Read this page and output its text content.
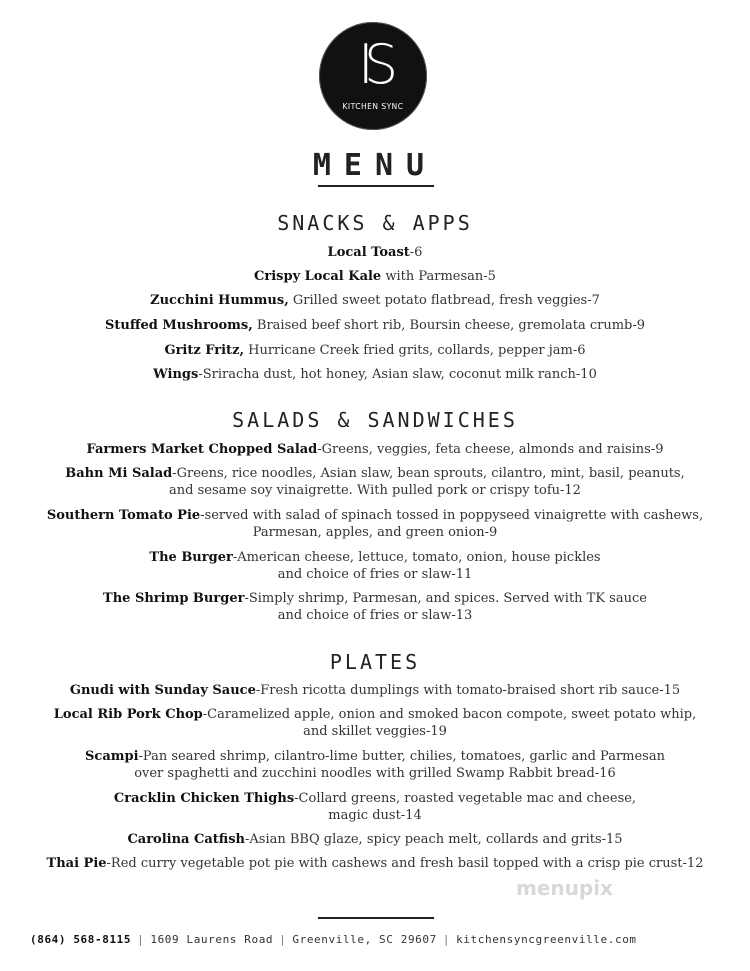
IS
KITCHEN SYNC
MENU
SNACKS & APPS
Local Toast-6
Crispy Local Kale with Parmesan-5
Zucchini Hummus, Grilled sweet potato flatbread, fresh veggies-7
Stuffed Mushrooms, Braised beef short rib, Boursin cheese, gremolata crumb-9
Gritz Fritz, Hurricane Creek fried grits, collards, pepper jam-6
Wings-Sriracha dust, hot honey, Asian slaw, coconut milk ranch-10
SALADS & SANDWICHES
Farmers Market Chopped Salad-Greens, veggies, feta cheese, almonds and raisins-9
Bahn Mi Salad-Greens, rice noodles, Asian slaw, bean sprouts, cilantro, mint, basil, peanuts,
and sesame soy vinaigrette. With pulled pork or crispy tofu-12
Southern Tomato Pie-served with salad of spinach tossed in poppyseed vinaigrette with cashews,
Parmesan, apples, and green onion-9
The Burger-American cheese, lettuce, tomato, onion, house pickles
and choice of fries or slaw-11
The Shrimp Burger-Simply shrimp, Parmesan, and spices. Served with TK sauce
and choice of fries or slaw-13
PLATES
Gnudi with Sunday Sauce-Fresh ricotta dumplings with tomato-braised short rib sauce-15
Local Rib Pork Chop-Caramelized apple, onion and smoked bacon compote, sweet potato whip,
and skillet veggies-19
Scampi-Pan seared shrimp, cilantro-lime butter, chilies, tomatoes, garlic and Parmesan
over spaghetti and zucchini noodles with grilled Swamp Rabbit bread-16
Cracklin Chicken Thighs-Collard greens, roasted vegetable mac and cheese,
magic dust-14
Carolina Catfish-Asian BBQ glaze, spicy peach melt, collards and grits-15
Thai Pie-Red curry vegetable pot pie with cashews and fresh basil topped with a crisp pie crust-12
menupix
(864) 568-8115 | 1609 Laurens Road | Greenville, SC 29607 | kitchensyncgreenville.com
